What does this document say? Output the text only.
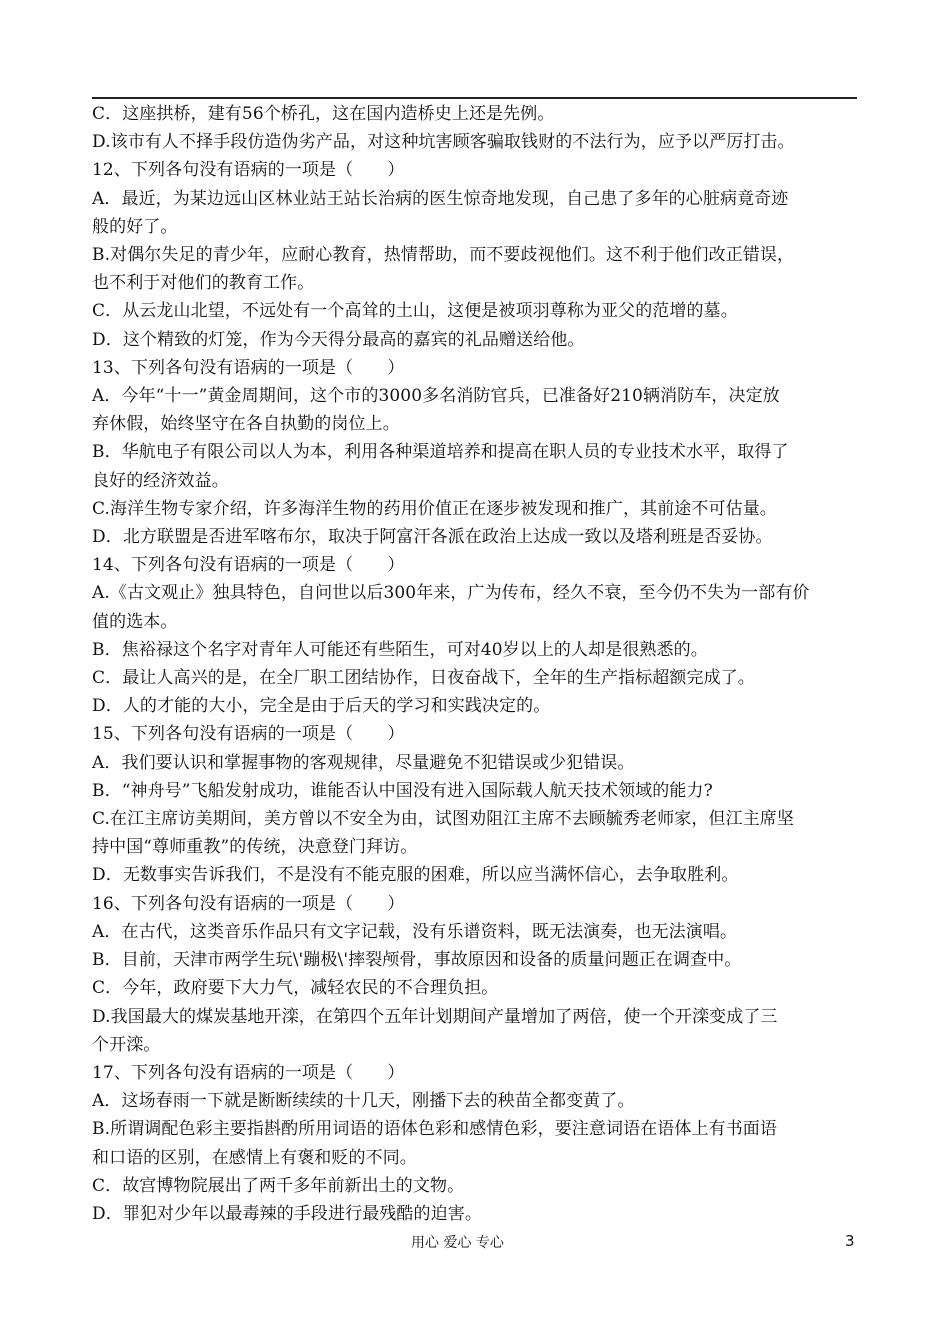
C．这座拱桥，建有56个桥孔，这在国内造桥史上还是先例。
D.该市有人不择手段仿造伪劣产品，对这种坑害顾客骗取钱财的不法行为，应予以严厉打击。
12、下列各句没有语病的一项是（　　）
A．最近，为某边远山区林业站王站长治病的医生惊奇地发现，自己患了多年的心脏病竟奇迹
般的好了。
B.对偶尔失足的青少年，应耐心教育，热情帮助，而不要歧视他们。这不利于他们改正错误，
也不利于对他们的教育工作。
C．从云龙山北望，不远处有一个高耸的土山，这便是被项羽尊称为亚父的范增的墓。
D．这个精致的灯笼，作为今天得分最高的嘉宾的礼品赠送给他。
13、下列各句没有语病的一项是（　　）
A．今年“十一”黄金周期间，这个市的3000多名消防官兵，已准备好210辆消防车，决定放
弃休假，始终坚守在各自执勤的岗位上。
B．华航电子有限公司以人为本，利用各种渠道培养和提高在职人员的专业技术水平，取得了
良好的经济效益。
C.海洋生物专家介绍，许多海洋生物的药用价值正在逐步被发现和推广，其前途不可估量。
D．北方联盟是否进军喀布尔，取决于阿富汗各派在政治上达成一致以及塔利班是否妥协。
14、下列各句没有语病的一项是（　　）
A.《古文观止》独具特色，自问世以后300年来，广为传布，经久不衰，至今仍不失为一部有价
值的选本。
B．焦裕禄这个名字对青年人可能还有些陌生，可对40岁以上的人却是很熟悉的。
C．最让人高兴的是，在全厂职工团结协作，日夜奋战下，全年的生产指标超额完成了。
D．人的才能的大小，完全是由于后天的学习和实践决定的。
15、下列各句没有语病的一项是（　　）
A．我们要认识和掌握事物的客观规律，尽量避免不犯错误或少犯错误。
B．“神舟号”飞船发射成功，谁能否认中国没有进入国际载人航天技术领域的能力?
C.在江主席访美期间，美方曾以不安全为由，试图劝阻江主席不去顾毓秀老师家，但江主席坚
持中国“尊师重教”的传统，决意登门拜访。
D．无数事实告诉我们，不是没有不能克服的困难，所以应当满怀信心，去争取胜利。
16、下列各句没有语病的一项是（　　）
A．在古代，这类音乐作品只有文字记载，没有乐谱资料，既无法演奏，也无法演唱。
B．目前，天津市两学生玩\'蹦极\'摔裂颅骨，事故原因和设备的质量问题正在调查中。
C．今年，政府要下大力气，减轻农民的不合理负担。
D.我国最大的煤炭基地开滦，在第四个五年计划期间产量增加了两倍，使一个开滦变成了三
个开滦。
17、下列各句没有语病的一项是（　　）
A．这场春雨一下就是断断续续的十几天，刚播下去的秧苗全都变黄了。
B.所谓调配色彩主要指斟酌所用词语的语体色彩和感情色彩，要注意词语在语体上有书面语
和口语的区别，在感情上有褒和贬的不同。
C．故宫博物院展出了两千多年前新出土的文物。
D．罪犯对少年以最毒辣的手段进行最残酷的迫害。
用心 爱心 专心	3
